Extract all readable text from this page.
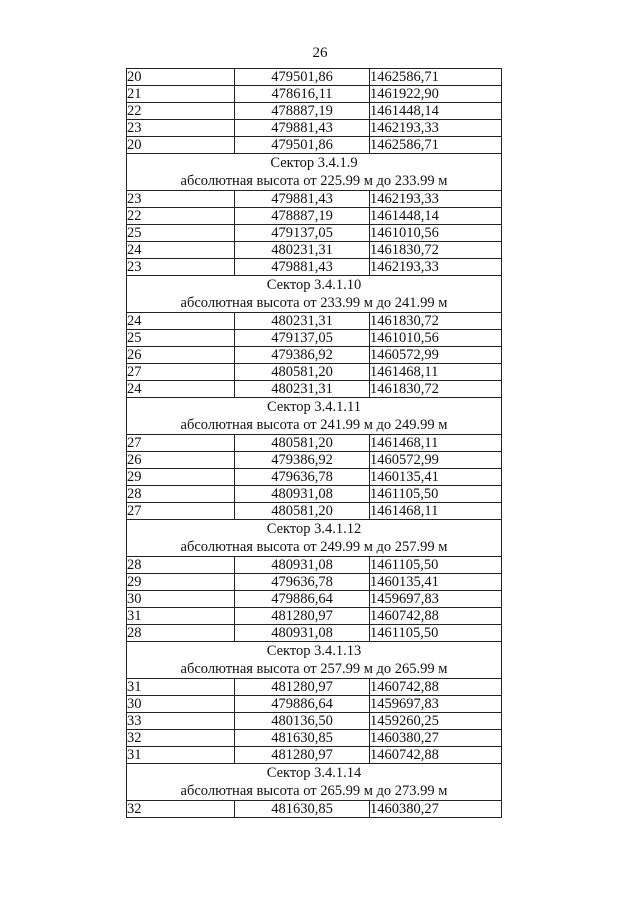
26
20	479501,86	1462586,71
21	478616,11	1461922,90
22	478887,19	1461448,14
23	479881,43	1462193,33
20	479501,86	1462586,71

Сектор 3.4.1.9
абсолютная высота от 225.99 м до 233.99 м		

23	479881,43	1462193,33
22	478887,19	1461448,14
25	479137,05	1461010,56
24	480231,31	1461830,72
23	479881,43	1462193,33

Сектор 3.4.1.10
абсолютная высота от 233.99 м до 241.99 м		

24	480231,31	1461830,72
25	479137,05	1461010,56
26	479386,92	1460572,99
27	480581,20	1461468,11
24	480231,31	1461830,72

Сектор 3.4.1.11
абсолютная высота от 241.99 м до 249.99 м		

27	480581,20	1461468,11
26	479386,92	1460572,99
29	479636,78	1460135,41
28	480931,08	1461105,50
27	480581,20	1461468,11

Сектор 3.4.1.12
абсолютная высота от 249.99 м до 257.99 м		

28	480931,08	1461105,50
29	479636,78	1460135,41
30	479886,64	1459697,83
31	481280,97	1460742,88
28	480931,08	1461105,50

Сектор 3.4.1.13
абсолютная высота от 257.99 м до 265.99 м		

31	481280,97	1460742,88
30	479886,64	1459697,83
33	480136,50	1459260,25
32	481630,85	1460380,27
31	481280,97	1460742,88

Сектор 3.4.1.14
абсолютная высота от 265.99 м до 273.99 м		

32	481630,85	1460380,27
